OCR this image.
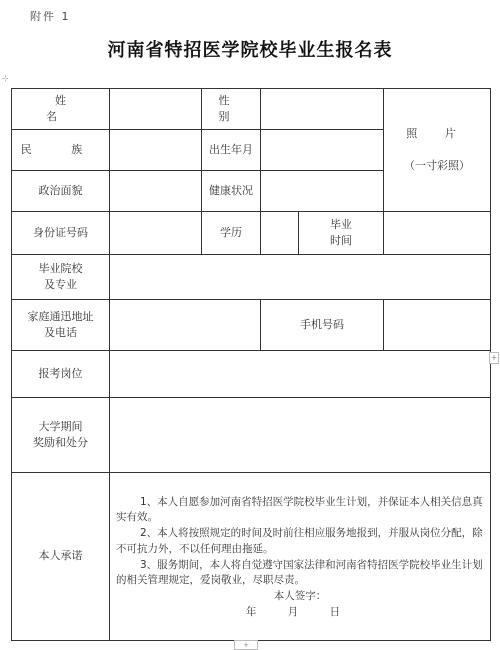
附件 1
河南省特招医学院校毕业生报名表
⊹
姓 名		性 别			照 片
（一寸彩照）

民 族		出生年月			
政治面貌		健康状况			
身份证号码		学历		毕业
时间	

毕业院校
及专业					

家庭通迅地址
及电话			手机号码		
报考岗位					

大学期间
奖励和处分					

本人承诺	1、本人自愿参加河南省特招医学院校毕业生计划，并保证本人相关信息真实有效。

2、本人将按照规定的时间及时前往相应服务地报到，并服从岗位分配，除不可抗力外，不以任何理由拖延。

3、服务期间，本人将自觉遵守国家法律和河南省特招医学院校毕业生计划的相关管理规定，爱岗敬业，尽职尽责。

本人签字：
年 月 日				
+
+
